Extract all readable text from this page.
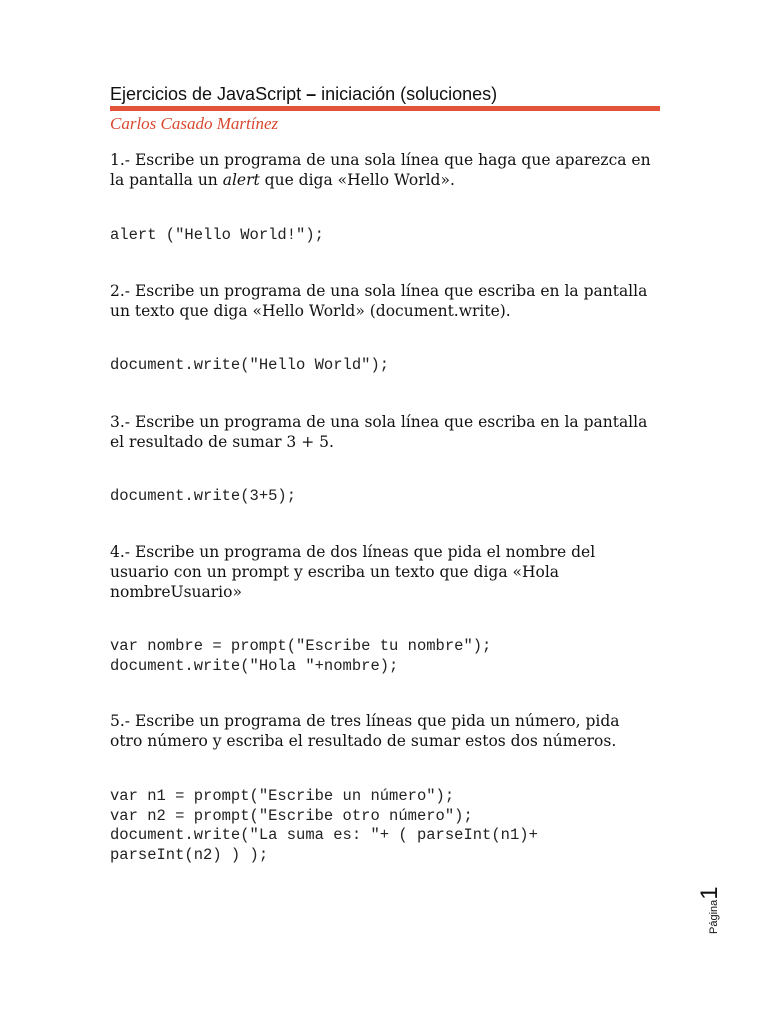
Ejercicios de JavaScript – iniciación (soluciones)
Carlos Casado Martínez
1.- Escribe un programa de una sola línea que haga que aparezca en la pantalla un alert que diga «Hello World».
alert ("Hello World!");
2.- Escribe un programa de una sola línea que escriba en la pantalla un texto que diga «Hello World» (document.write).
document.write("Hello World");
3.- Escribe un programa de una sola línea que escriba en la pantalla el resultado de sumar 3 + 5.
document.write(3+5);
4.- Escribe un programa de dos líneas que pida el nombre del usuario con un prompt y escriba un texto que diga «Hola nombreUsuario»
var nombre = prompt("Escribe tu nombre");
document.write("Hola "+nombre);
5.- Escribe un programa de tres líneas que pida un número, pida otro número y escriba el resultado de sumar estos dos números.
var n1 = prompt("Escribe un número");
var n2 = prompt("Escribe otro número");
document.write("La suma es: "+ ( parseInt(n1)+
parseInt(n2) ) );
Página1
